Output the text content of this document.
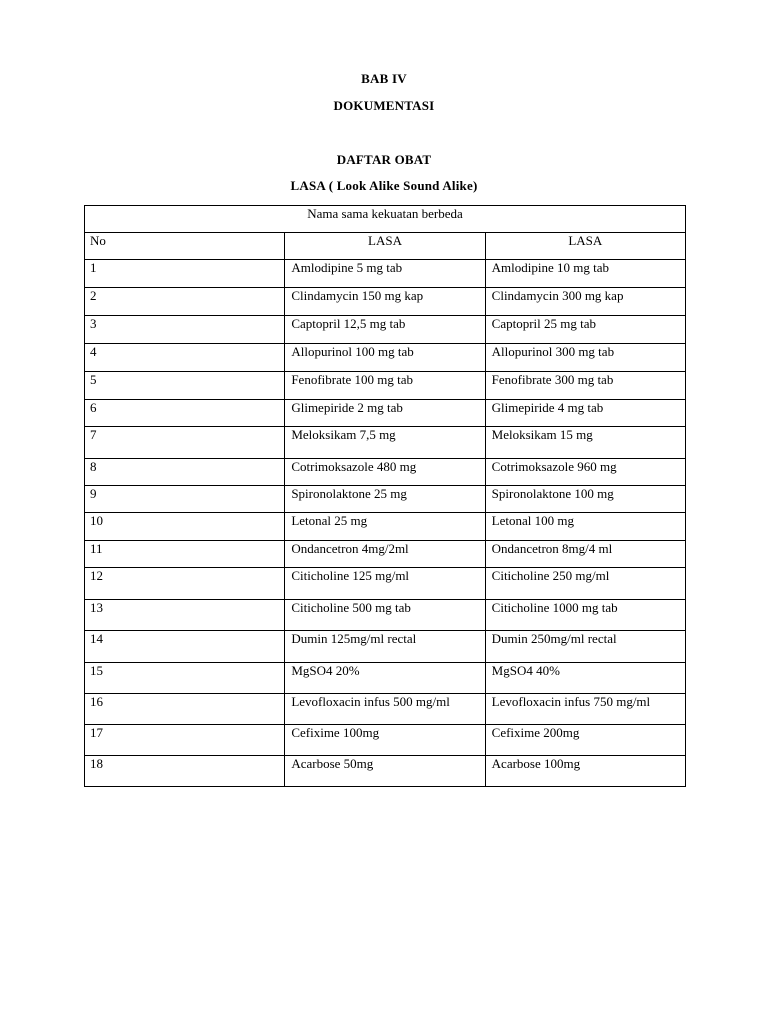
BAB IV
DOKUMENTASI
DAFTAR OBAT
LASA ( Look Alike Sound Alike)
Nama sama kekuatan berbeda		
No	LASA	LASA
1	Amlodipine 5 mg tab	Amlodipine 10 mg tab
2	Clindamycin 150 mg kap	Clindamycin 300 mg kap
3	Captopril 12,5 mg tab	Captopril 25 mg tab
4	Allopurinol 100 mg tab	Allopurinol 300 mg tab
5	Fenofibrate 100 mg tab	Fenofibrate 300 mg tab
6	Glimepiride 2 mg tab	Glimepiride 4 mg tab
7	Meloksikam 7,5 mg	Meloksikam 15 mg
8	Cotrimoksazole 480 mg	Cotrimoksazole 960 mg
9	Spironolaktone 25 mg	Spironolaktone 100 mg
10	Letonal 25 mg	Letonal 100 mg
11	Ondancetron 4mg/2ml	Ondancetron 8mg/4 ml
12	Citicholine 125 mg/ml	Citicholine 250 mg/ml
13	Citicholine 500 mg tab	Citicholine 1000 mg tab
14	Dumin 125mg/ml rectal	Dumin 250mg/ml rectal
15	MgSO4 20%	MgSO4 40%
16	Levofloxacin infus 500 mg/ml	Levofloxacin infus 750 mg/ml
17	Cefixime 100mg	Cefixime 200mg
18	Acarbose 50mg	Acarbose 100mg
